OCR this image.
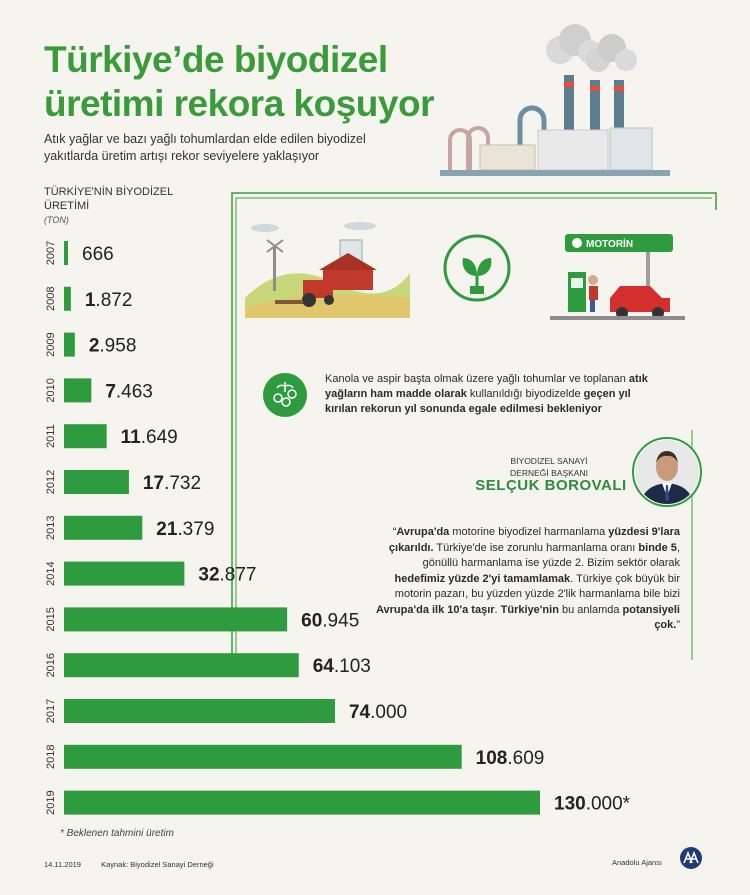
Türkiye’de biyodizel üretimi rekora koşuyor
Atık yağlar ve bazı yağlı tohumlardan elde edilen biyodizel yakıtlarda üretim artışı rekor seviyelere yaklaşıyor
TÜRKİYE'NİN BİYODİZEL ÜRETİMİ
(TON)
MOTORİN
Kanola ve aspir başta olmak üzere yağlı tohumlar ve toplanan atık yağların ham madde olarak kullanıldığı biyodizelde geçen yıl kırılan rekorun yıl sonunda egale edilmesi bekleniyor
BİYODİZEL SANAYİ
DERNEĞİ BAŞKANI
SELÇUK BOROVALI
“Avrupa'da motorine biyodizel harmanlama yüzdesi 9'lara çıkarıldı. Türkiye'de ise zorunlu harmanlama oranı binde 5, gönüllü harmanlama ise yüzde 2. Bizim sektör olarak hedefimiz yüzde 2'yi tamamlamak. Türkiye çok büyük bir motorin pazarı, bu yüzden yüzde 2'lik harmanlama bile bizi Avrupa'da ilk 10'a taşır. Türkiye'nin bu anlamda potansiyeli çok.”
2007 666
2008 1.872
2009 2.958
2010	7.463
2011	11.649
2012	17.732
2013	21.379
2014	32.877
2015	60.945
2016	64.103
2017	74.000
2018	108.609
2019	130.000*
* Beklenen tahmini üretim
14.11.2019	Kaynak: Biyodizel Sanayi Derneği	Anadolu Ajansı
